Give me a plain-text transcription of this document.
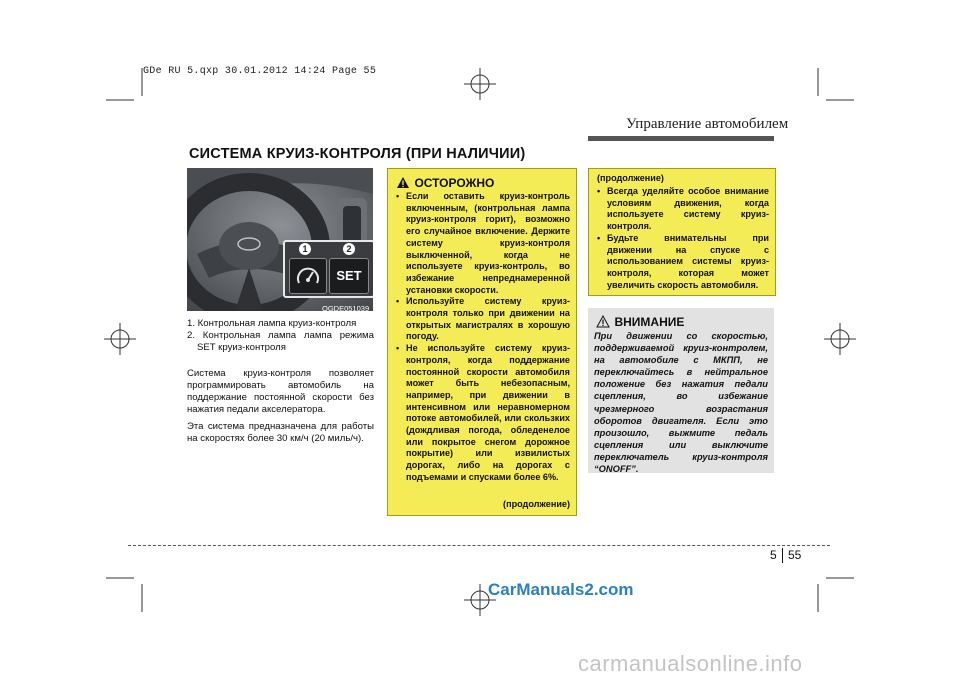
GDe RU 5.qxp 30.01.2012 14:24 Page 55
Управление автомобилем
СИСТЕМА КРУИЗ-КОНТРОЛЯ (ПРИ НАЛИЧИИ)
SET
1	2
OGDE051039
1. Контрольная лампа круиз-контроля
2. Контрольная лампа лампа режима SET круиз-контроля

Система круиз-контроля позволяет программировать автомобиль на поддержание постоянной скорости без нажатия педали акселератора.

Эта система предназначена для работы на скоростях более 30 км/ч (20 миль/ч).

ОСТОРОЖНО
• Если оставить круиз-контроль включенным, (контрольная лампа круиз-контроля горит), возможно его случайное включение. Держите систему круиз-контроля выключенной, когда не используете круиз-контроль, во избежание непреднамеренной установки скорости.
• Используйте систему круиз-контроля только при движении на открытых магистралях в хорошую погоду.
• Не используйте систему круиз-контроля, когда поддержание постоянной скорости автомобиля может быть небезопасным, например, при движении в интенсивном или неравномерном потоке автомобилей, или скользких (дождливая погода, обледенелое или покрытое снегом дорожное покрытие) или извилистых дорогах, либо на дорогах с подъемами и спусками более 6%.
(продолжение)
(продолжение)
• Всегда уделяйте особое внимание условиям движения, когда используете систему круиз-контроля.
• Будьте внимательны при движении на спуске с использованием системы круиз-контроля, которая может увеличить скорость автомобиля.
ВНИМАНИЕ
При движении со скоростью, поддерживаемой круиз-контролем, на автомобиле с МКПП, не переключайтесь в нейтральное положение без нажатия педали сцепления, во избежание чрезмерного возрастания оборотов двигателя. Если это произошло, выжмите педаль сцепления или выключите переключатель круиз-контроля “ONOFF”.
5 55
CarManuals2.com
carmanualsonline.info
